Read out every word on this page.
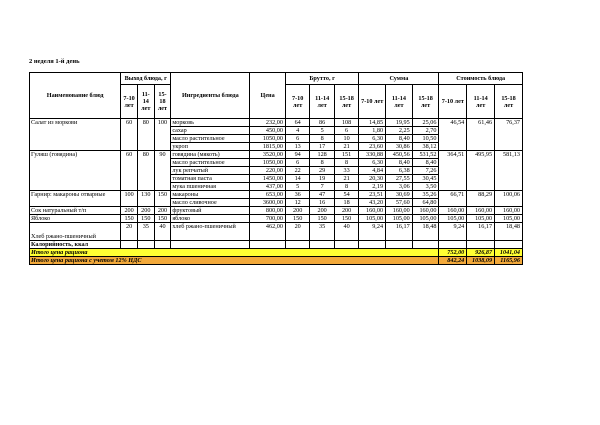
2 неделя 1-й день
Наименование блюд	Выход блюда, г			Ингредиенты блюда	Цена	Брутто, г			Сумма			Стоимость блюда		
	7-10 лет	11-14 лет	15-18 лет			7-10 лет	11-14 лет	15-18 лет	7-10 лет	11-14 лет	15-18 лет	7-10 лет	11-14 лет	15-18 лет
Салат из моркови	60	80	100	морковь	232,00	64	86	108	14,85	19,95	25,06	46,54	61,46	76,37
				сахар	450,00	4	5	6	1,80	2,25	2,70			
				масло растительное	1050,00	6	8	10	6,30	8,40	10,50			
				укроп	1815,00	13	17	21	23,60	30,86	38,12			
Гуляш (говядина)	60	80	90	говядина (мякоть)	3520,00	94	128	151	330,88	450,56	531,52	364,51	495,95	581,13
				масло растительное	1050,00	6	8	8	6,30	8,40	8,40			
				лук репчатый	220,00	22	29	33	4,84	6,38	7,26			
				томатная паста	1450,00	14	19	21	20,30	27,55	30,45			
				мука пшеничная	437,00	5	7	8	2,19	3,06	3,50			
Гарнир: макароны отварные	100	130	150	макароны	653,00	36	47	54	23,51	30,69	35,26	66,71	88,29	100,06
				масло сливочное	3600,00	12	16	18	43,20	57,60	64,80			
Сок натуральный т/п	200	200	200	фруктовый	800,00	200	200	200	160,00	160,00	160,00	160,00	160,00	160,00
Яблоко	150	150	150	яблоко	700,00	150	150	150	105,00	105,00	105,00	105,00	105,00	105,00
Хлеб ржано-пшеничный	20	35	40	хлеб ржано-пшеничный	462,00	20	35	40	9,24	16,17	18,48	9,24	16,17	18,48
Калорийность, ккал														
Итого цена рациона												752,00	926,87	1041,04
Итого цена рациона с учетом 12% НДС												842,24	1038,09	1165,96
